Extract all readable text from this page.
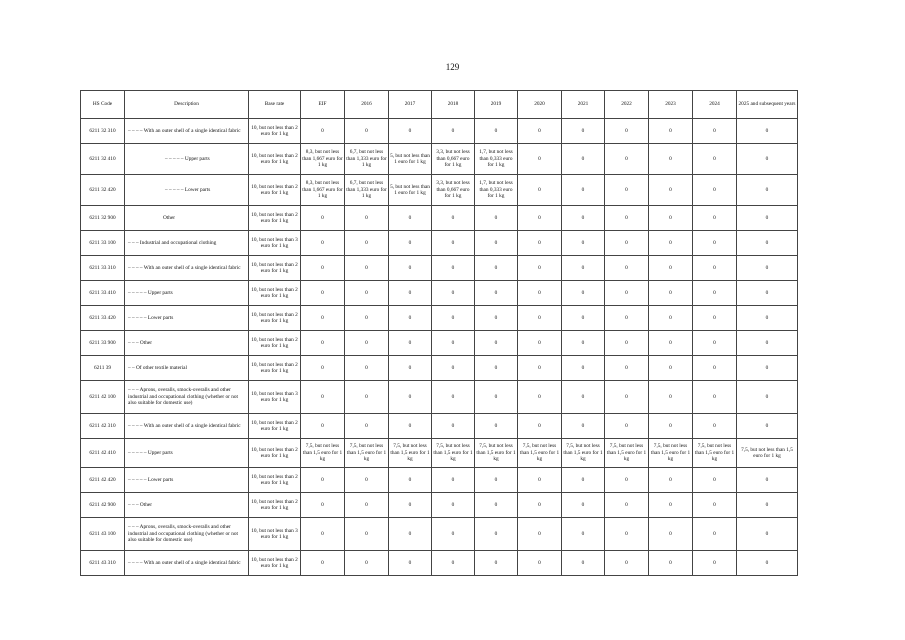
129
HS Code	Description	Base rate	EIF	2016	2017	2018	2019	2020	2021	2022	2023	2024	2025 and subsequent years
6211 32 310	– – – – With an outer shell of a single identical fabric	10, but not less than 2 euro for 1 kg	0	0	0	0	0	0	0	0	0	0	0
6211 32 410	– – – – – Upper parts	10, but not less than 2 euro for 1 kg	8,3, but not less than 1,667 euro for 1 kg	6,7, but not less than 1,333 euro for 1 kg	5, but not less than 1 euro for 1 kg	3,3, but not less than 0,667 euro for 1 kg	1,7, but not less than 0,333 euro for 1 kg	0	0	0	0	0	0
6211 32 420	– – – – – Lower parts	10, but not less than 2 euro for 1 kg	8,3, but not less than 1,667 euro for 1 kg	6,7, but not less than 1,333 euro for 1 kg	5, but not less than 1 euro for 1 kg	3,3, but not less than 0,667 euro for 1 kg	1,7, but not less than 0,333 euro for 1 kg	0	0	0	0	0	0
6211 32 900	Other	10, but not less than 2 euro for 1 kg	0	0	0	0	0	0	0	0	0	0	0
6211 33 100	– – – Industrial and occupational clothing	10, but not less than 3 euro for 1 kg	0	0	0	0	0	0	0	0	0	0	0
6211 33 310	– – – – With an outer shell of a single identical fabric	10, but not less than 2 euro for 1 kg	0	0	0	0	0	0	0	0	0	0	0
6211 33 410	– – – – – Upper parts	10, but not less than 2 euro for 1 kg	0	0	0	0	0	0	0	0	0	0	0
6211 33 420	– – – – – Lower parts	10, but not less than 2 euro for 1 kg	0	0	0	0	0	0	0	0	0	0	0
6211 33 900	– – – Other	10, but not less than 2 euro for 1 kg	0	0	0	0	0	0	0	0	0	0	0
6211 39	– – Of other textile material	10, but not less than 2 euro for 1 kg	0	0	0	0	0	0	0	0	0	0	0
6211 42 100	– – – Aprons, overalls, smock-overalls and other industrial and occupational clothing (whether or not also suitable for domestic use)	10, but not less than 3 euro for 1 kg	0	0	0	0	0	0	0	0	0	0	0
6211 42 310	– – – – With an outer shell of a single identical fabric	10, but not less than 2 euro for 1 kg	0	0	0	0	0	0	0	0	0	0	0
6211 42 410	– – – – – Upper parts	10, but not less than 2 euro for 1 kg	7,5, but not less than 1,5 euro for 1 kg	7,5, but not less than 1,5 euro for 1 kg	7,5, but not less than 1,5 euro for 1 kg	7,5, but not less than 1,5 euro for 1 kg	7,5, but not less than 1,5 euro for 1 kg	7,5, but not less than 1,5 euro for 1 kg	7,5, but not less than 1,5 euro for 1 kg	7,5, but not less than 1,5 euro for 1 kg	7,5, but not less than 1,5 euro for 1 kg	7,5, but not less than 1,5 euro for 1 kg	7,5, but not less than 1,5 euro for 1 kg
6211 42 420	– – – – – Lower parts	10, but not less than 2 euro for 1 kg	0	0	0	0	0	0	0	0	0	0	0
6211 42 900	– – – Other	10, but not less than 2 euro for 1 kg	0	0	0	0	0	0	0	0	0	0	0
6211 43 100	– – – Aprons, overalls, smock-overalls and other industrial and occupational clothing (whether or not also suitable for domestic use)	10, but not less than 3 euro for 1 kg	0	0	0	0	0	0	0	0	0	0	0
6211 43 310	– – – – With an outer shell of a single identical fabric	10, but not less than 2 euro for 1 kg	0	0	0	0	0	0	0	0	0	0	0
